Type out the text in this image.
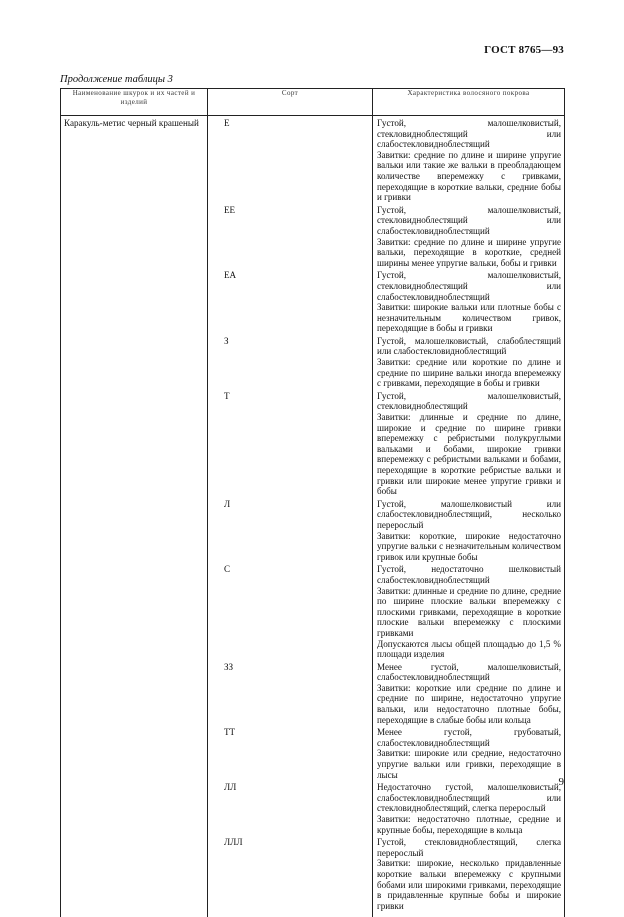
ГОСТ 8765—93
Продолжение таблицы 3
Наименование шкурок и их частей и изделий	Сорт	Характеристика волосяного покрова
Каракуль-метис черный крашеный	Е	Густой, малошелковистый, стекловиднοблестящий или слабостекловиднοблестящий

Завитки: средние по длине и ширине упругие вальки или такие же вальки в преобладающем количестве вперемежку с гривками, переходящие в короткие вальки, средние бобы и гривки

	ЕЕ	Густой, малошелковистый, стекловиднοблестящий или слабостекловиднοблестящий

Завитки: средние по длине и ширине упругие вальки, переходящие в короткие, средней ширины менее упругие вальки, бобы и гривки

	ЕА	Густой, малошелковистый, стекловиднοблестящий или слабостекловиднοблестящий

Завитки: широкие вальки или плотные бобы с незначительным количеством гривок, переходящие в бобы и гривки

	З	Густой, малошелковистый, слабоблестящий или слабостекловиднοблестящий

Завитки: средние или короткие по длине и средние по ширине вальки иногда вперемежку с гривками, переходящие в бобы и гривки

	Т	Густой, малошелковистый, стекловиднοблестящий

Завитки: длинные и средние по длине, широкие и средние по ширине гривки вперемежку с ребристыми полукруглыми вальками и бобами, широкие гривки вперемежку с ребристыми вальками и бобами, переходящие в короткие ребристые вальки и гривки или широкие менее упругие гривки и бобы

	Л	Густой, малошелковистый или слабостекловиднοблестящий, несколько перерослый

Завитки: короткие, широкие недостаточно упругие вальки с незначительным количеством гривок или крупные бобы

	С	Густой, недостаточно шелковистый слабостекловиднοблестящий

Завитки: длинные и средние по длине, средние по ширине плоские вальки вперемежку с плоскими гривками, переходящие в короткие плоские вальки вперемежку с плоскими гривками

Допускаются лысы общей площадью до 1,5 % площади изделия

	ЗЗ	Менее густой, малошелковистый, слабостекловиднοблестящий

Завитки: короткие или средние по длине и средние по ширине, недостаточно упругие вальки, или недостаточно плотные бобы, переходящие в слабые бобы или кольца

	ТТ	Менее густой, грубоватый, слабостекловиднοблестящий

Завитки: широкие или средние, недостаточно упругие вальки или гривки, переходящие в лысы

	ЛЛ	Недостаточно густой, малошелковистый, слабостекловиднοблестящий или стекловиднοблестящий, слегка перерослый

Завитки: недостаточно плотные, средние и крупные бобы, переходящие в кольца

	ЛЛЛ	Густой, стекловиднοблестящий, слегка перерослый

Завитки: широкие, несколько придавленные короткие вальки вперемежку с крупными бобами или широкими гривками, переходящие в придавленные крупные бобы и широкие гривки

9
